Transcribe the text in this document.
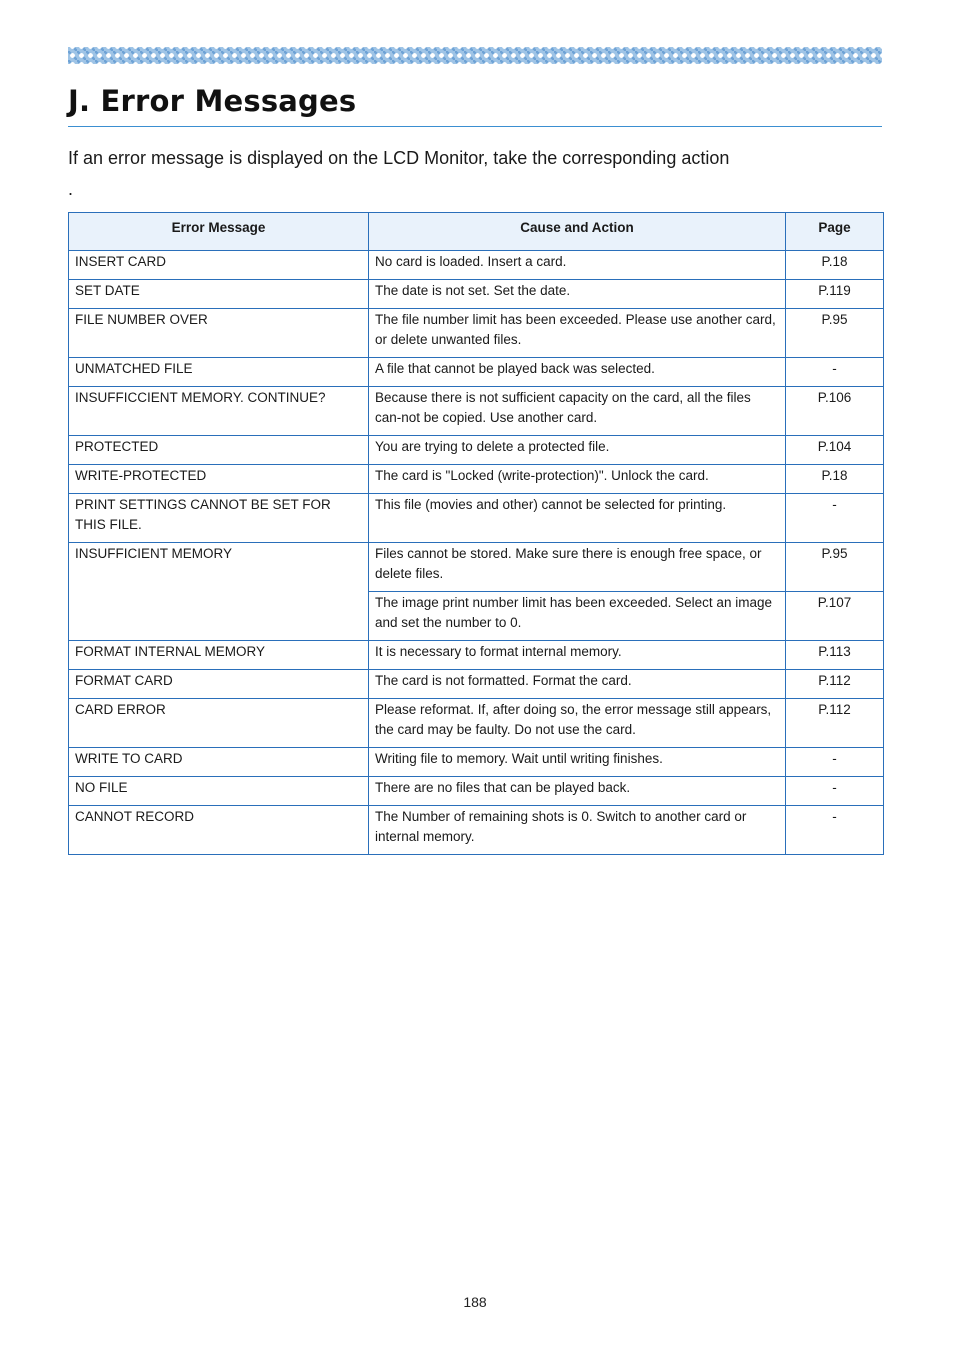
J. Error Messages

If an error message is displayed on the LCD Monitor, take the corresponding action

.

Error Message	Cause and Action	Page
INSERT CARD	No card is loaded. Insert a card.	P.18
SET DATE	The date is not set. Set the date.	P.119
FILE NUMBER OVER	The file number limit has been exceeded. Please use another card, or delete unwanted files.	P.95
UNMATCHED FILE	A file that cannot be played back was selected.	-
INSUFFICCIENT MEMORY. CONTINUE?	Because there is not sufficient capacity on the card, all the files can-not be copied. Use another card.	P.106
PROTECTED	You are trying to delete a protected file.	P.104
WRITE-PROTECTED	The card is "Locked (write-protection)". Unlock the card.	P.18
PRINT SETTINGS CANNOT BE SET FOR THIS FILE.	This file (movies and other) cannot be selected for printing.	-
INSUFFICIENT MEMORY	Files cannot be stored. Make sure there is enough free space, or delete files.	P.95
	The image print number limit has been exceeded. Select an image and set the number to 0.	P.107
FORMAT INTERNAL MEMORY	It is necessary to format internal memory.	P.113
FORMAT CARD	The card is not formatted. Format the card.	P.112
CARD ERROR	Please reformat. If, after doing so, the error message still appears, the card may be faulty. Do not use the card.	P.112
WRITE TO CARD	Writing file to memory. Wait until writing finishes.	-
NO FILE	There are no files that can be played back.	-
CANNOT RECORD	The Number of remaining shots is 0. Switch to another card or internal memory.	-
188
